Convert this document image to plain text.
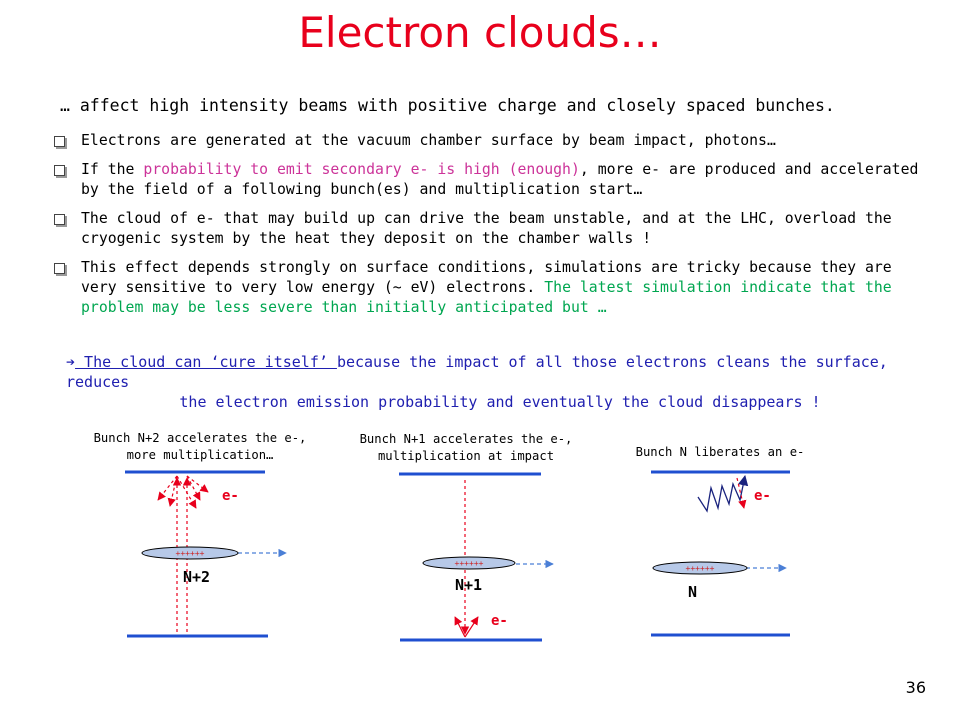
Electron clouds…
… affect high intensity beams with positive charge and closely spaced bunches.
Electrons are generated at the vacuum chamber surface by beam impact, photons…
If the probability to emit secondary e- is high (enough), more e- are produced and accelerated by the field of a following bunch(es) and multiplication start…
The cloud of e- that may build up can drive the beam unstable, and at the LHC, overload the cryogenic system by the heat they deposit on the chamber walls !
This effect depends strongly on surface conditions, simulations are tricky because they are very sensitive to very low energy (~ eV) electrons. The latest simulation indicate that the problem may be less severe than initially anticipated but …
➔ The cloud can ‘cure itself’ because the impact of all those electrons cleans the surface, reduces
the electron emission probability and eventually the cloud disappears !
Bunch N+2 accelerates the e-,
more multiplication…
Bunch N+1 accelerates the e-,
multiplication at impact	Bunch N liberates an e-
e-
++++++
N+2
e-
++++++
N+1
e-
++++++
N
36
